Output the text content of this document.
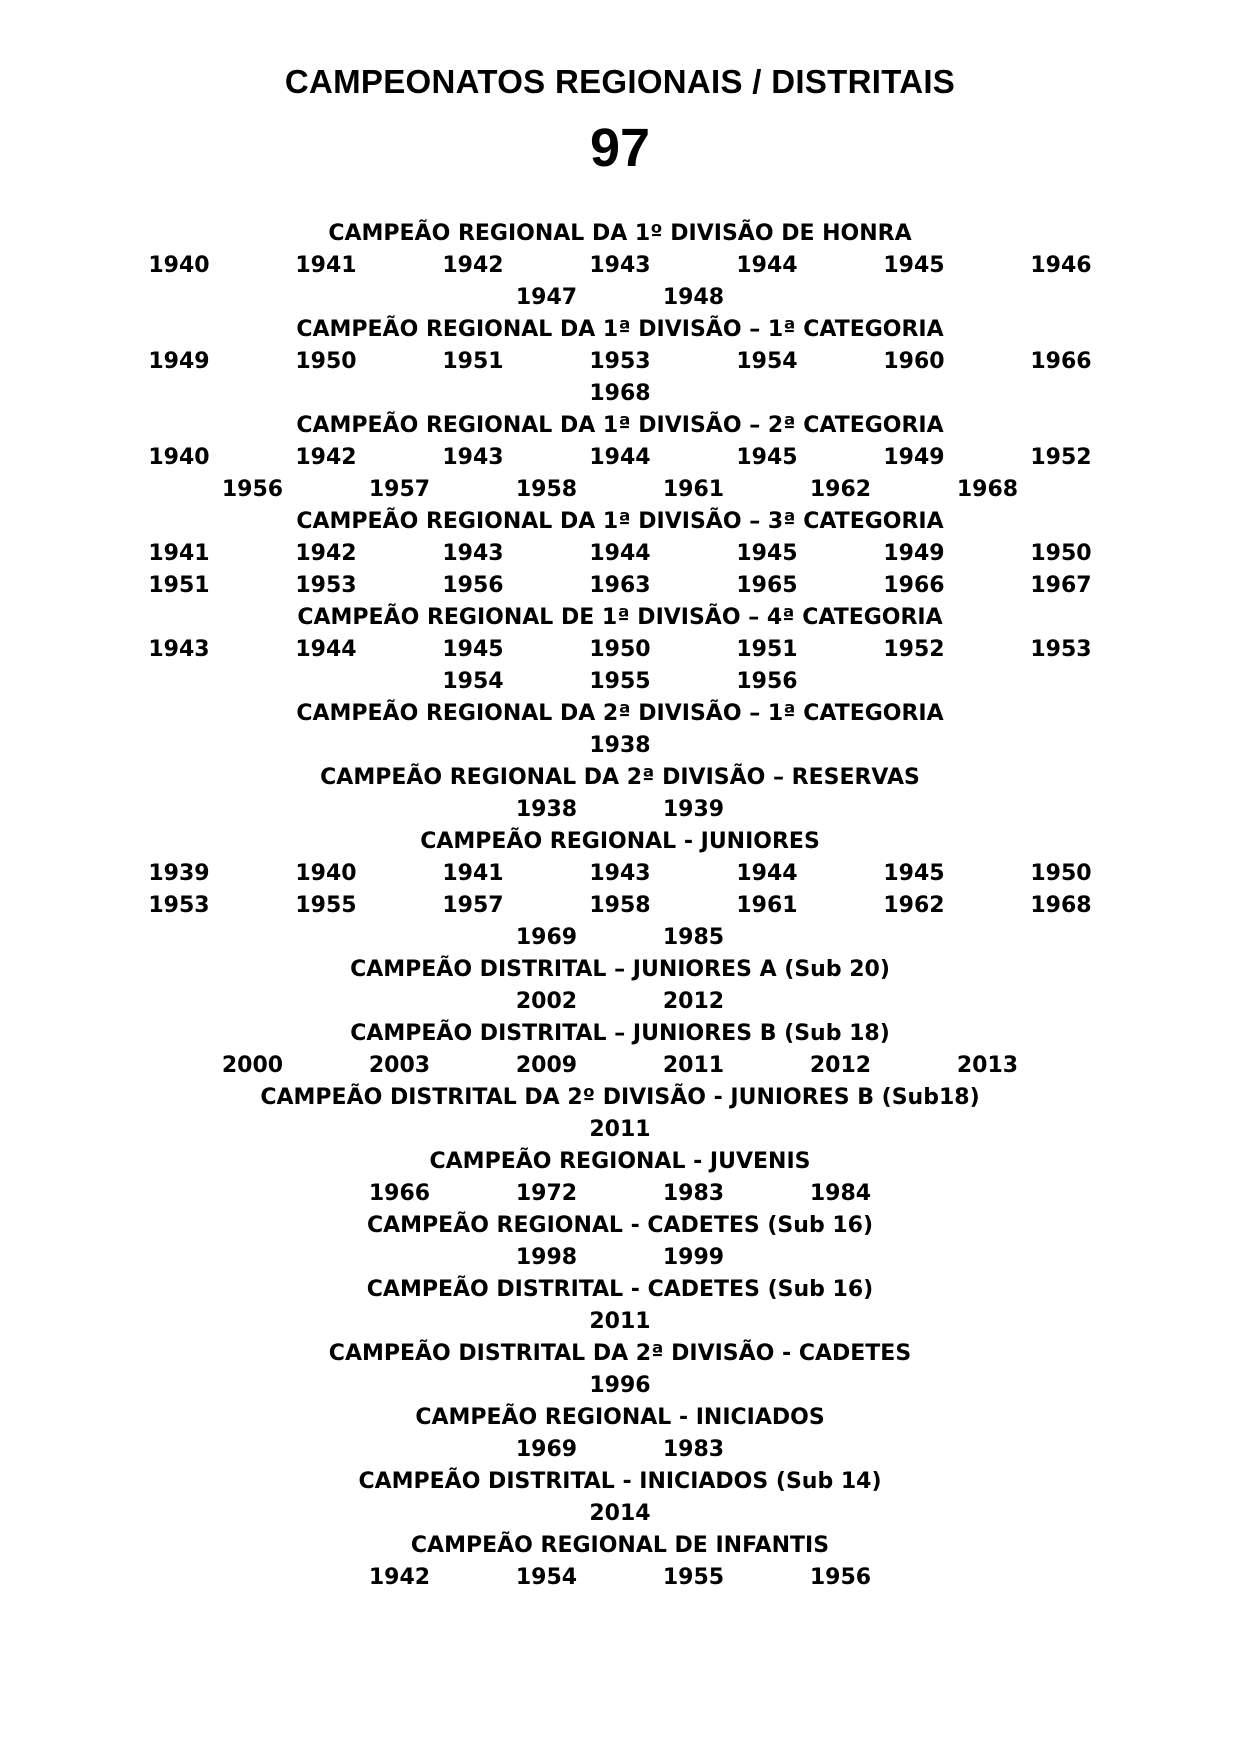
CAMPEONATOS REGIONAIS / DISTRITAIS
97
CAMPEÃO REGIONAL DA 1º DIVISÃO DE HONRA
1940	1941	1942	1943	1944	1945	1946
1947	1948
CAMPEÃO REGIONAL DA 1ª DIVISÃO – 1ª CATEGORIA
1949	1950	1951	1953	1954	1960	1966
1968
CAMPEÃO REGIONAL DA 1ª DIVISÃO – 2ª CATEGORIA
1940	1942	1943	1944	1945	1949	1952
1956	1957	1958	1961	1962	1968
CAMPEÃO REGIONAL DA 1ª DIVISÃO – 3ª CATEGORIA
1941	1942	1943	1944	1945	1949	1950
1951	1953	1956	1963	1965	1966	1967
CAMPEÃO REGIONAL DE 1ª DIVISÃO – 4ª CATEGORIA
1943	1944	1945	1950	1951	1952	1953
1954	1955	1956
CAMPEÃO REGIONAL DA 2ª DIVISÃO – 1ª CATEGORIA
1938
CAMPEÃO REGIONAL DA 2ª DIVISÃO – RESERVAS
1938	1939
CAMPEÃO REGIONAL - JUNIORES
1939	1940	1941	1943	1944	1945	1950
1953	1955	1957	1958	1961	1962	1968
1969	1985
CAMPEÃO DISTRITAL – JUNIORES A (Sub 20)
2002	2012
CAMPEÃO DISTRITAL – JUNIORES B (Sub 18)
2000	2003	2009	2011	2012	2013
CAMPEÃO DISTRITAL DA 2º DIVISÃO - JUNIORES B (Sub18)
2011
CAMPEÃO REGIONAL - JUVENIS
1966	1972	1983	1984
CAMPEÃO REGIONAL - CADETES (Sub 16)
1998	1999
CAMPEÃO DISTRITAL - CADETES (Sub 16)
2011
CAMPEÃO DISTRITAL DA 2ª DIVISÃO - CADETES
1996
CAMPEÃO REGIONAL - INICIADOS
1969	1983
CAMPEÃO DISTRITAL - INICIADOS (Sub 14)
2014
CAMPEÃO REGIONAL DE INFANTIS
1942	1954	1955	1956
